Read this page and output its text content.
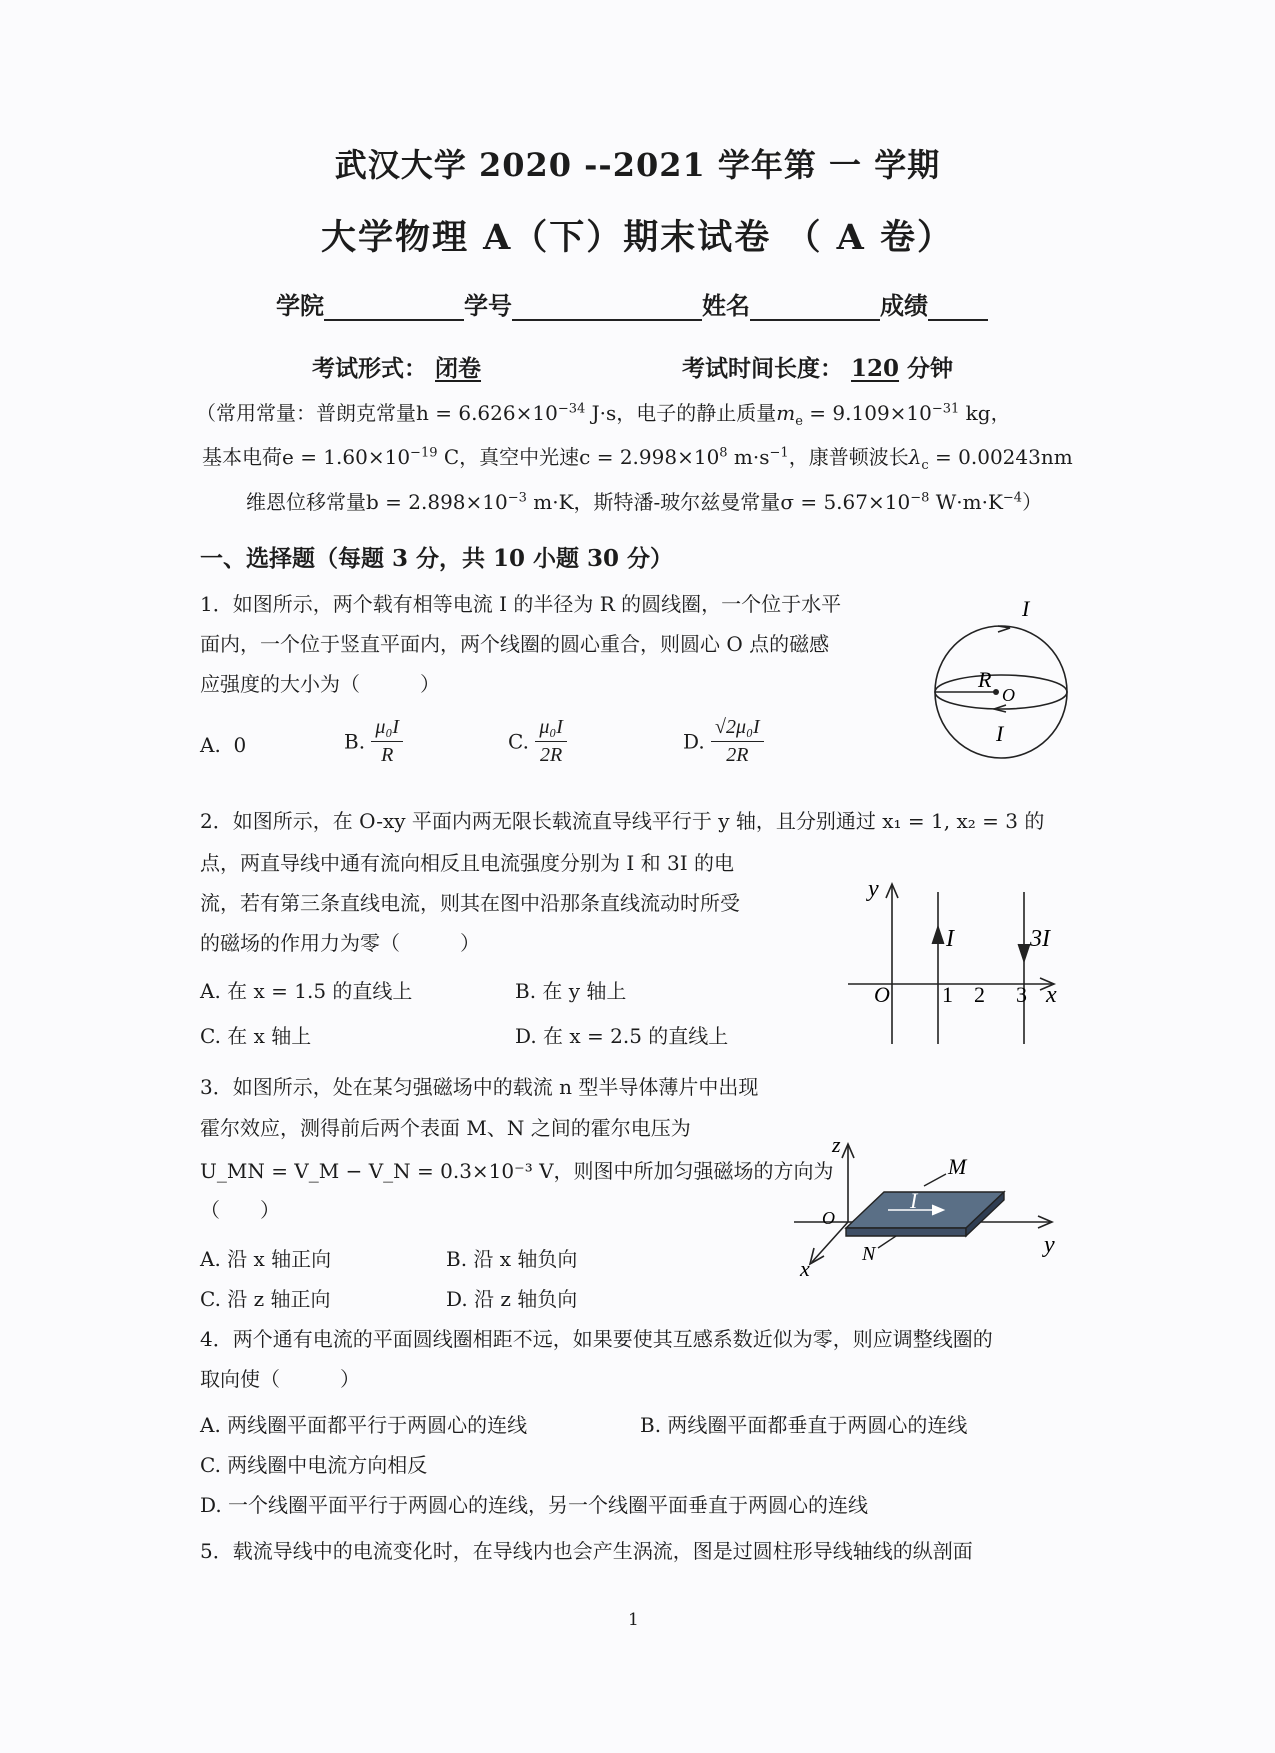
武汉大学 2020 --2021 学年第 一 学期
大学物理 A（下）期末试卷 （ A 卷）
学院	学号	姓名	成绩
考试形式： 闭卷	考试时间长度： 120 分钟
（常用常量：普朗克常量$h = 6.626\times 10^{-34}$ J·s，电子的静止质量$m_e = 9.109\times 10^{-31}$ kg，
基本电荷$e = 1.60\times 10^{-19}$ C，真空中光速$c = 2.998\times 10^8$ $m\cdot s^{-1}$，康普顿波长$\lambda_c = 0.00243nm$
维恩位移常量$b = 2.898\times 10^{-3}$ m·K，斯特潘-玻尔兹曼常量$\sigma = 5.67\times 10^{-8}$ $W\cdot m\cdot K^{-4}$）
一、选择题（每题 3 分，共 10 小题 30 分）
1．如图所示，两个载有相等电流 I 的半径为 R 的圆线圈，一个位于水平
面内，一个位于竖直平面内，两个线圈的圆心重合，则圆心 O 点的磁感
应强度的大小为（　　　）
A. 0	B. $\frac{\text{μ₀I}}{R}$	C. $\frac{\text{μ₀I}}{2R}$	D. $\frac{\text{√2μ₀I}}{2R}$
I
R
O
I
2．如图所示，在 O-xy 平面内两无限长载流直导线平行于 y 轴，且分别通过 x₁ = 1, x₂ = 3 的
点，两直导线中通有流向相反且电流强度分别为 I 和 3I 的电
流，若有第三条直线电流，则其在图中沿那条直线流动时所受
的磁场的作用力为零（　　　）
A. 在 x = 1.5 的直线上	B. 在 y 轴上
C. 在 x 轴上	D. 在 x = 2.5 的直线上
y
O 1 2 3 x
I	3I
3．如图所示，处在某匀强磁场中的载流 n 型半导体薄片中出现
霍尔效应，测得前后两个表面 M、N 之间的霍尔电压为
U_MN = V_M − V_N = 0.3×10⁻³ V，则图中所加匀强磁场的方向为
（　　）
A. 沿 x 轴正向	B. 沿 x 轴负向
C. 沿 z 轴正向	D. 沿 z 轴负向
z
y
x
O
M
N
I
4．两个通有电流的平面圆线圈相距不远，如果要使其互感系数近似为零，则应调整线圈的
取向使（　　　）
A. 两线圈平面都平行于两圆心的连线	B. 两线圈平面都垂直于两圆心的连线
C. 两线圈中电流方向相反
D. 一个线圈平面平行于两圆心的连线，另一个线圈平面垂直于两圆心的连线
5．载流导线中的电流变化时，在导线内也会产生涡流，图是过圆柱形导线轴线的纵剖面
1
